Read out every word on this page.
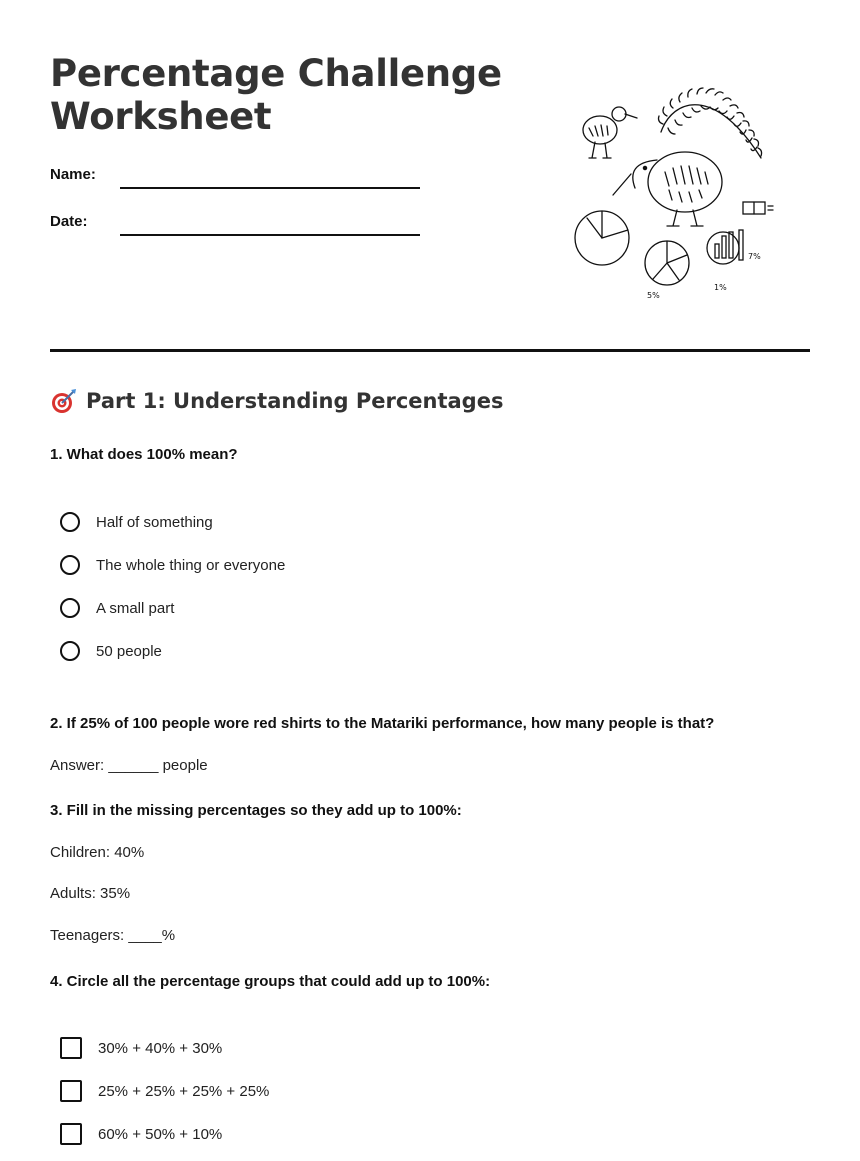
Percentage Challenge Worksheet
Name:
Date:
7%
5%
1%
Part 1: Understanding Percentages

1. What does 100% mean?

Half of something
The whole thing or everyone
A small part
50 people

2. If 25% of 100 people wore red shirts to the Matariki performance, how many people is that?

Answer: ______ people

3. Fill in the missing percentages so they add up to 100%:

Children: 40%
Adults: 35%
Teenagers: ____%

4. Circle all the percentage groups that could add up to 100%:

30% + 40% + 30%
25% + 25% + 25% + 25%
60% + 50% + 10%
